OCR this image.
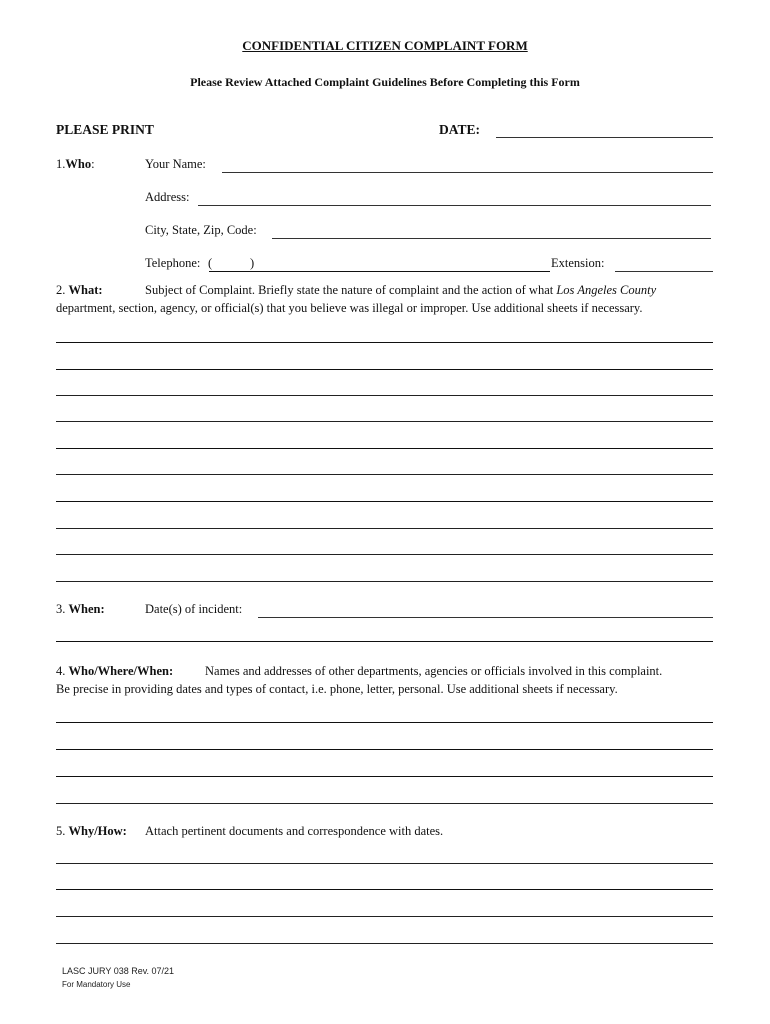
CONFIDENTIAL CITIZEN COMPLAINT FORM
Please Review Attached Complaint Guidelines Before Completing this Form
PLEASE PRINT	DATE:
1.Who:	Your Name:
Address:
City, State, Zip, Code:
Telephone: (	)	Extension:
2. What:	Subject of Complaint. Briefly state the nature of complaint and the action of what Los Angeles County
department, section, agency, or official(s) that you believe was illegal or improper. Use additional sheets if necessary.
3. When:	Date(s) of incident:
4. Who/Where/When:	Names and addresses of other departments, agencies or officials involved in this complaint.
Be precise in providing dates and types of contact, i.e. phone, letter, personal. Use additional sheets if necessary.
5. Why/How: Attach pertinent documents and correspondence with dates.
LASC JURY 038 Rev. 07/21
For Mandatory Use
